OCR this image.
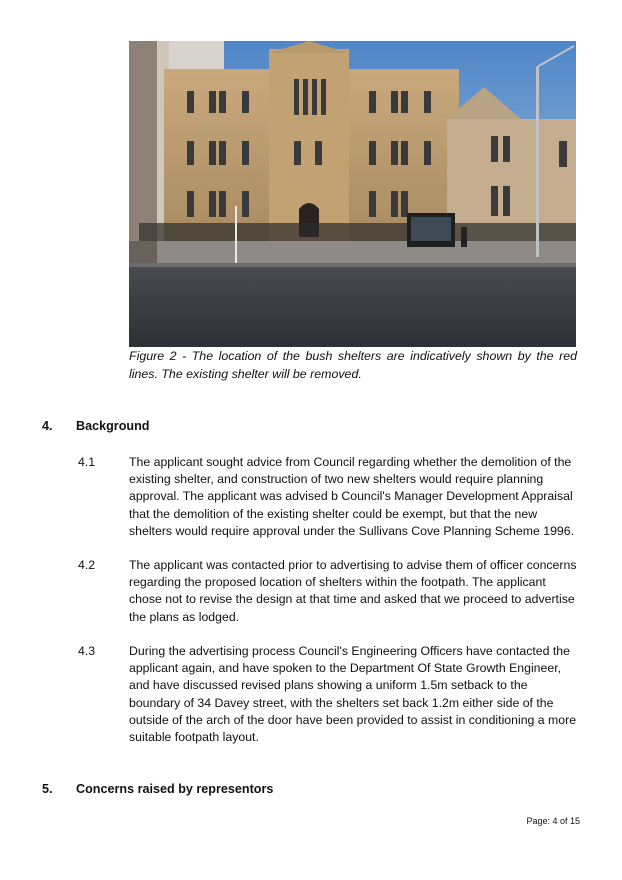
Figure 2 - The location of the bush shelters are indicatively shown by the red lines. The existing shelter will be removed.
4. Background
4.1	The applicant sought advice from Council regarding whether the demolition of the existing shelter, and construction of two new shelters would require planning approval. The applicant was advised b Council's Manager Development Appraisal that the demolition of the existing shelter could be exempt, but that the new shelters would require approval under the Sullivans Cove Planning Scheme 1996.
4.2	The applicant was contacted prior to advertising to advise them of officer concerns regarding the proposed location of shelters within the footpath. The applicant chose not to revise the design at that time and asked that we proceed to advertise the plans as lodged.
4.3	During the advertising process Council's Engineering Officers have contacted the applicant again, and have spoken to the Department Of State Growth Engineer, and have discussed revised plans showing a uniform 1.5m setback to the boundary of 34 Davey street, with the shelters set back 1.2m either side of the outside of the arch of the door have been provided to assist in conditioning a more suitable footpath layout.
5. Concerns raised by representors
Page: 4 of 15
